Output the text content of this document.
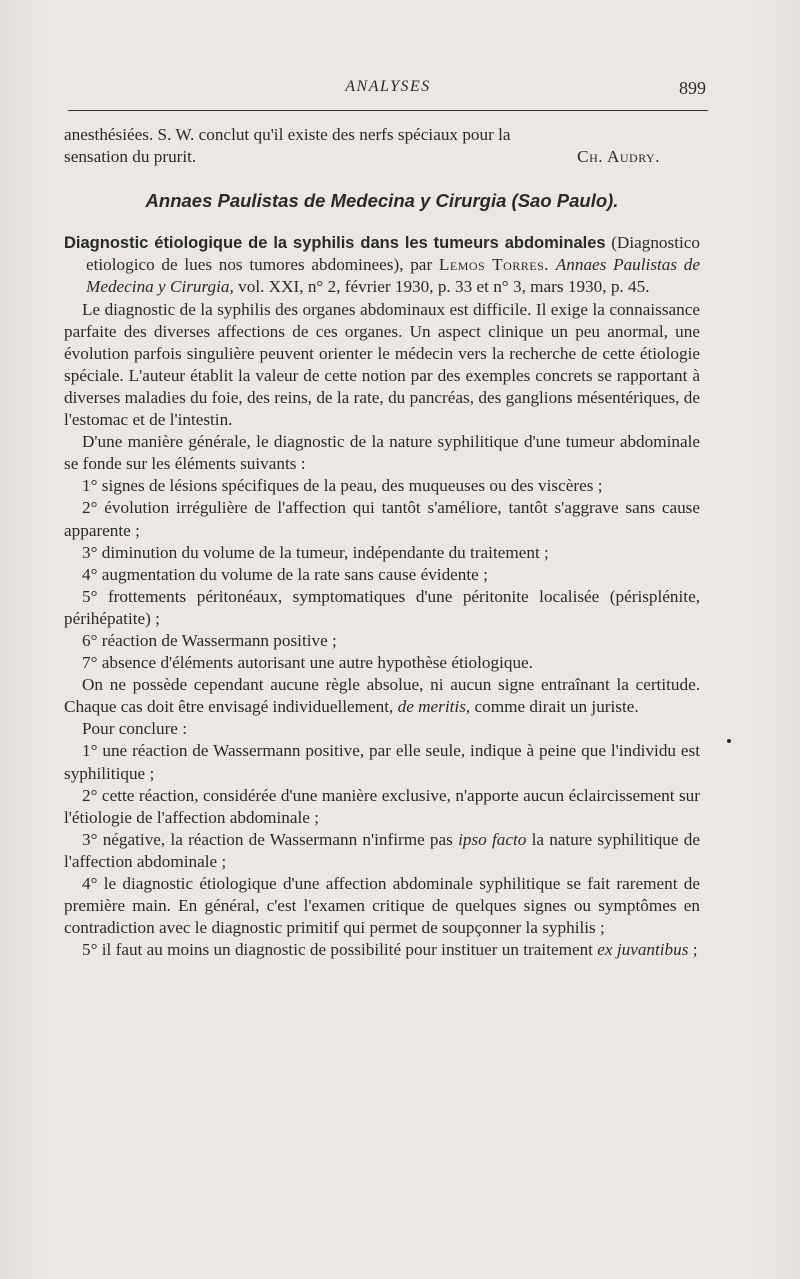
ANALYSES	899

anesthésiées. S. W. conclut qu'il existe des nerfs spéciaux pour la

sensation du prurit.	Ch. Audry.
Annaes Paulistas de Medecina y Cirurgia (Sao Paulo).

Diagnostic étiologique de la syphilis dans les tumeurs abdominales (Diagnostico etiologico de lues nos tumores abdominees), par Lemos Torres. Annaes Paulistas de Medecina y Cirurgia, vol. XXI, n° 2, février 1930, p. 33 et n° 3, mars 1930, p. 45.

Le diagnostic de la syphilis des organes abdominaux est difficile. Il exige la connaissance parfaite des diverses affections de ces organes. Un aspect clinique un peu anormal, une évolution parfois singulière peuvent orienter le médecin vers la recherche de cette étiologie spéciale. L'auteur établit la valeur de cette notion par des exemples concrets se rapportant à diverses maladies du foie, des reins, de la rate, du pancréas, des ganglions mésentériques, de l'estomac et de l'intestin.

D'une manière générale, le diagnostic de la nature syphilitique d'une tumeur abdominale se fonde sur les éléments suivants :

1° signes de lésions spécifiques de la peau, des muqueuses ou des viscères ;

2° évolution irrégulière de l'affection qui tantôt s'améliore, tantôt s'aggrave sans cause apparente ;

3° diminution du volume de la tumeur, indépendante du traitement ;

4° augmentation du volume de la rate sans cause évidente ;

5° frottements péritonéaux, symptomatiques d'une péritonite localisée (périsplénite, périhépatite) ;

6° réaction de Wassermann positive ;

7° absence d'éléments autorisant une autre hypothèse étiologique.

On ne possède cependant aucune règle absolue, ni aucun signe entraînant la certitude. Chaque cas doit être envisagé individuellement, de meritis, comme dirait un juriste.

Pour conclure :

1° une réaction de Wassermann positive, par elle seule, indique à peine que l'individu est syphilitique ;

2° cette réaction, considérée d'une manière exclusive, n'apporte aucun éclaircissement sur l'étiologie de l'affection abdominale ;

3° négative, la réaction de Wassermann n'infirme pas ipso facto la nature syphilitique de l'affection abdominale ;

4° le diagnostic étiologique d'une affection abdominale syphilitique se fait rarement de première main. En général, c'est l'examen critique de quelques signes ou symptômes en contradiction avec le diagnostic primitif qui permet de soupçonner la syphilis ;

5° il faut au moins un diagnostic de possibilité pour instituer un traitement ex juvantibus ;
